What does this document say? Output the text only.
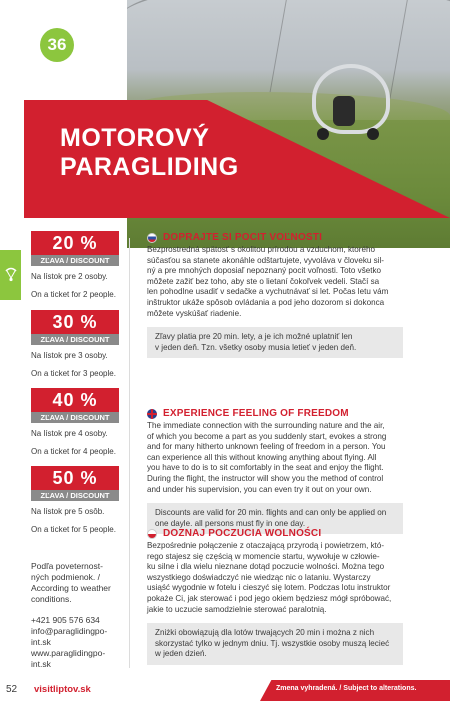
36
MOTOROVÝ
PARAGLIDING
20 %
ZĽAVA / DISCOUNT
Na lístok pre 2 osoby.
On a ticket for 2 people.
30 %
ZĽAVA / DISCOUNT
Na lístok pre 3 osoby.
On a ticket for 3 people.
40 %
ZĽAVA / DISCOUNT
Na lístok pre 4 osoby.
On a ticket for 4 people.
50 %
ZĽAVA / DISCOUNT
Na lístok pre 5 osôb.
On a ticket for 5 people.
Podľa poveternost-
ných podmienok. /
According to weather
conditions.
+421 905 576 634
info@paraglidingpo-
int.sk
www.paraglidingpo-
int.sk
DOPRAJTE SI POCIT VOĽNOSTI
Bezprostredná spätosť s okolitou prírodou a vzduchom, ktorého
súčasťou sa stanete akonáhle odštartujete, vyvoláva v človeku sil-
ný a pre mnohých doposiaľ nepoznaný pocit voľnosti. Toto všetko
môžete zažiť bez toho, aby ste o lietaní čokoľvek vedeli. Stačí sa
len pohodlne usadiť v sedačke a vychutnávať si let. Počas letu vám
inštruktor ukáže spôsob ovládania a pod jeho dozorom si dokonca
môžete vyskúšať riadenie.
Zľavy platia pre 20 min. lety, a je ich možné uplatniť len
v jeden deň. Tzn. všetky osoby musia letieť v jeden deň.
EXPERIENCE FEELING OF FREEDOM
The immediate connection with the surrounding nature and the air,
of which you become a part as you suddenly start, evokes a strong
and for many hitherto unknown feeling of freedom in a person. You
can experience all this without knowing anything about flying. All
you have to do is to sit comfortably in the seat and enjoy the flight.
During the flight, the instructor will show you the method of control
and under his supervision, you can even try it out on your own.
Discounts are valid for 20 min. flights and can only be applied on
one dayle. all persons must fly in one day.
DOZNAJ POCZUCIA WOLNOŚCI
Bezpośrednie połączenie z otaczającą przyrodą i powietrzem, któ-
rego stajesz się częścią w momencie startu, wywołuje w człowie-
ku silne i dla wielu nieznane dotąd poczucie wolności. Można tego
wszystkiego doświadczyć nie wiedząc nic o lataniu. Wystarczy
usiąść wygodnie w fotelu i cieszyć się lotem. Podczas lotu instruktor
pokaże Ci, jak sterować i pod jego okiem będziesz mógł spróbować,
jakie to uczucie samodzielnie sterować paralotnią.
Zniżki obowiązują dla lotów trwających 20 min i można z nich
skorzystać tylko w jednym dniu. Tj. wszystkie osoby muszą lecieć
w jeden dzień.
52 visitliptov.sk	Zmena vyhradená. / Subject to alterations.
